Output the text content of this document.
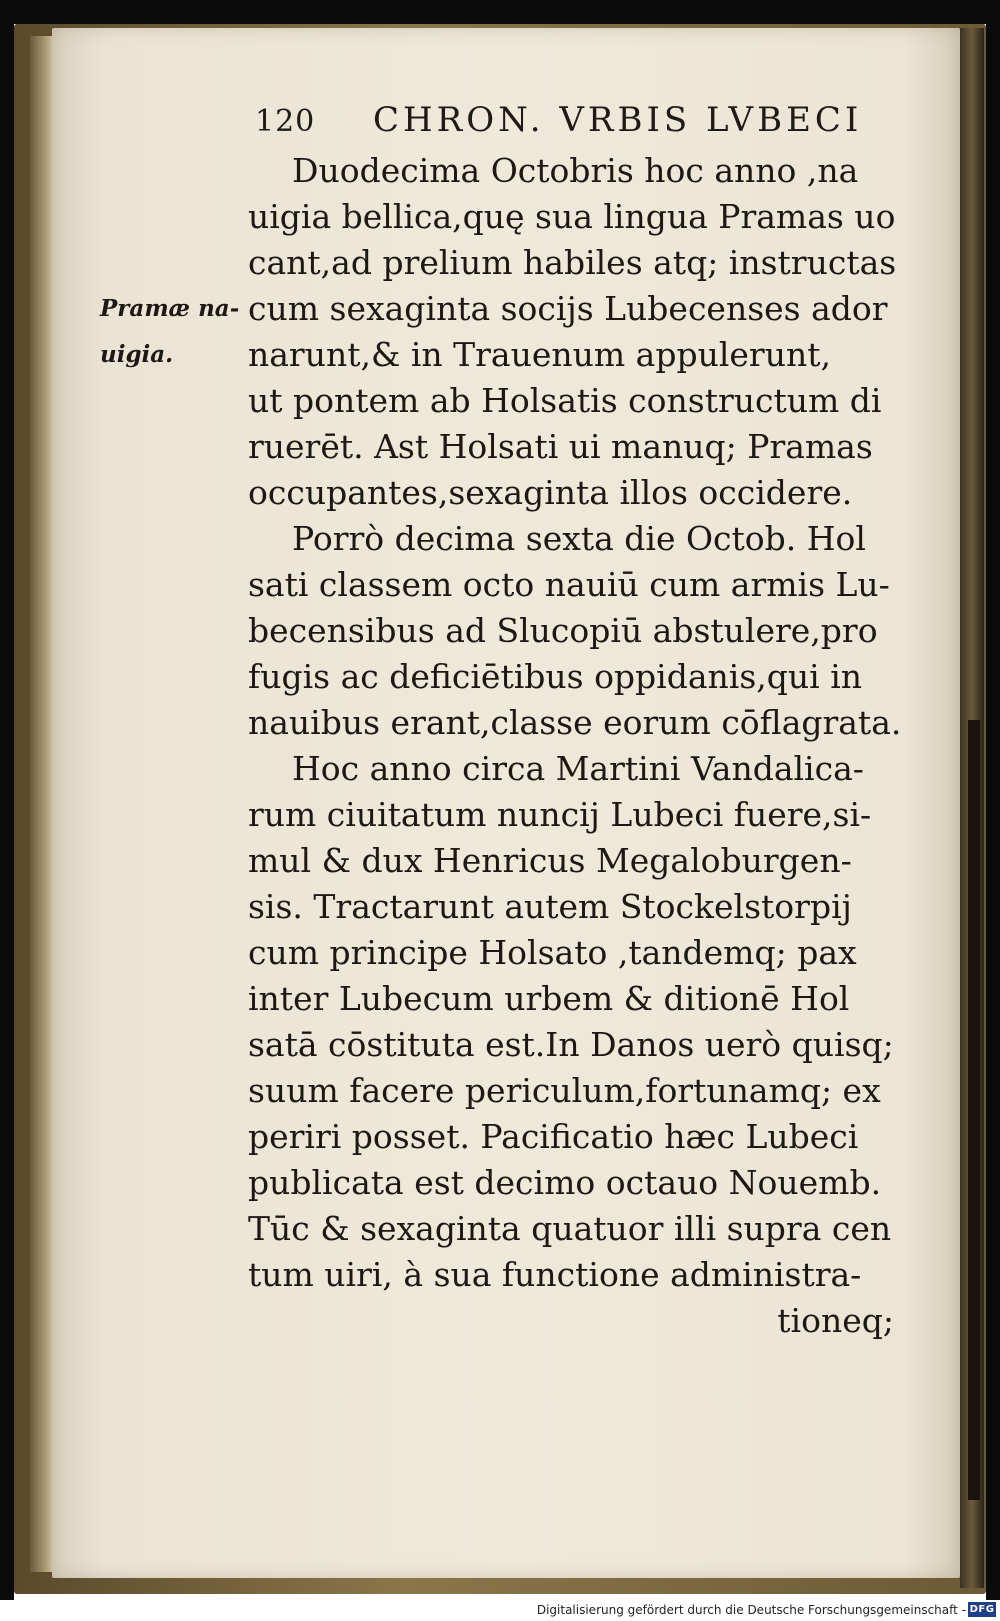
120 CHRON. VRBIS LVBECI
Pramæ na-
uigia.
Duodecima Octobris hoc anno ,na
uigia bellica,quę sua lingua Pramas uo
cant,ad prelium habiles atq; instructas
cum sexaginta socijs Lubecenses ador
narunt,& in Trauenum appulerunt,
ut pontem ab Holsatis constructum di
ruerēt. Ast Holsati ui manuq; Pramas
occupantes,sexaginta illos occidere.
Porrò decima sexta die Octob. Hol
sati classem octo nauiū cum armis Lu-
becensibus ad Slucopiū abstulere,pro
fugis ac deficiētibus oppidanis,qui in
nauibus erant,classe eorum cōflagrata.
Hoc anno circa Martini Vandalica-
rum ciuitatum nuncij Lubeci fuere,si-
mul & dux Henricus Megaloburgen-
sis. Tractarunt autem Stockelstorpij
cum principe Holsato ,tandemq; pax
inter Lubecum urbem & ditionē Hol
satā cōstituta est.In Danos uerò quisq;
suum facere periculum,fortunamq; ex
periri posset. Pacificatio hæc Lubeci
publicata est decimo octauo Nouemb.
Tūc & sexaginta quatuor illi supra cen
tum uiri, à sua functione administra-
tioneq;
Digitalisierung gefördert durch die Deutsche Forschungsgemeinschaft - DFG
